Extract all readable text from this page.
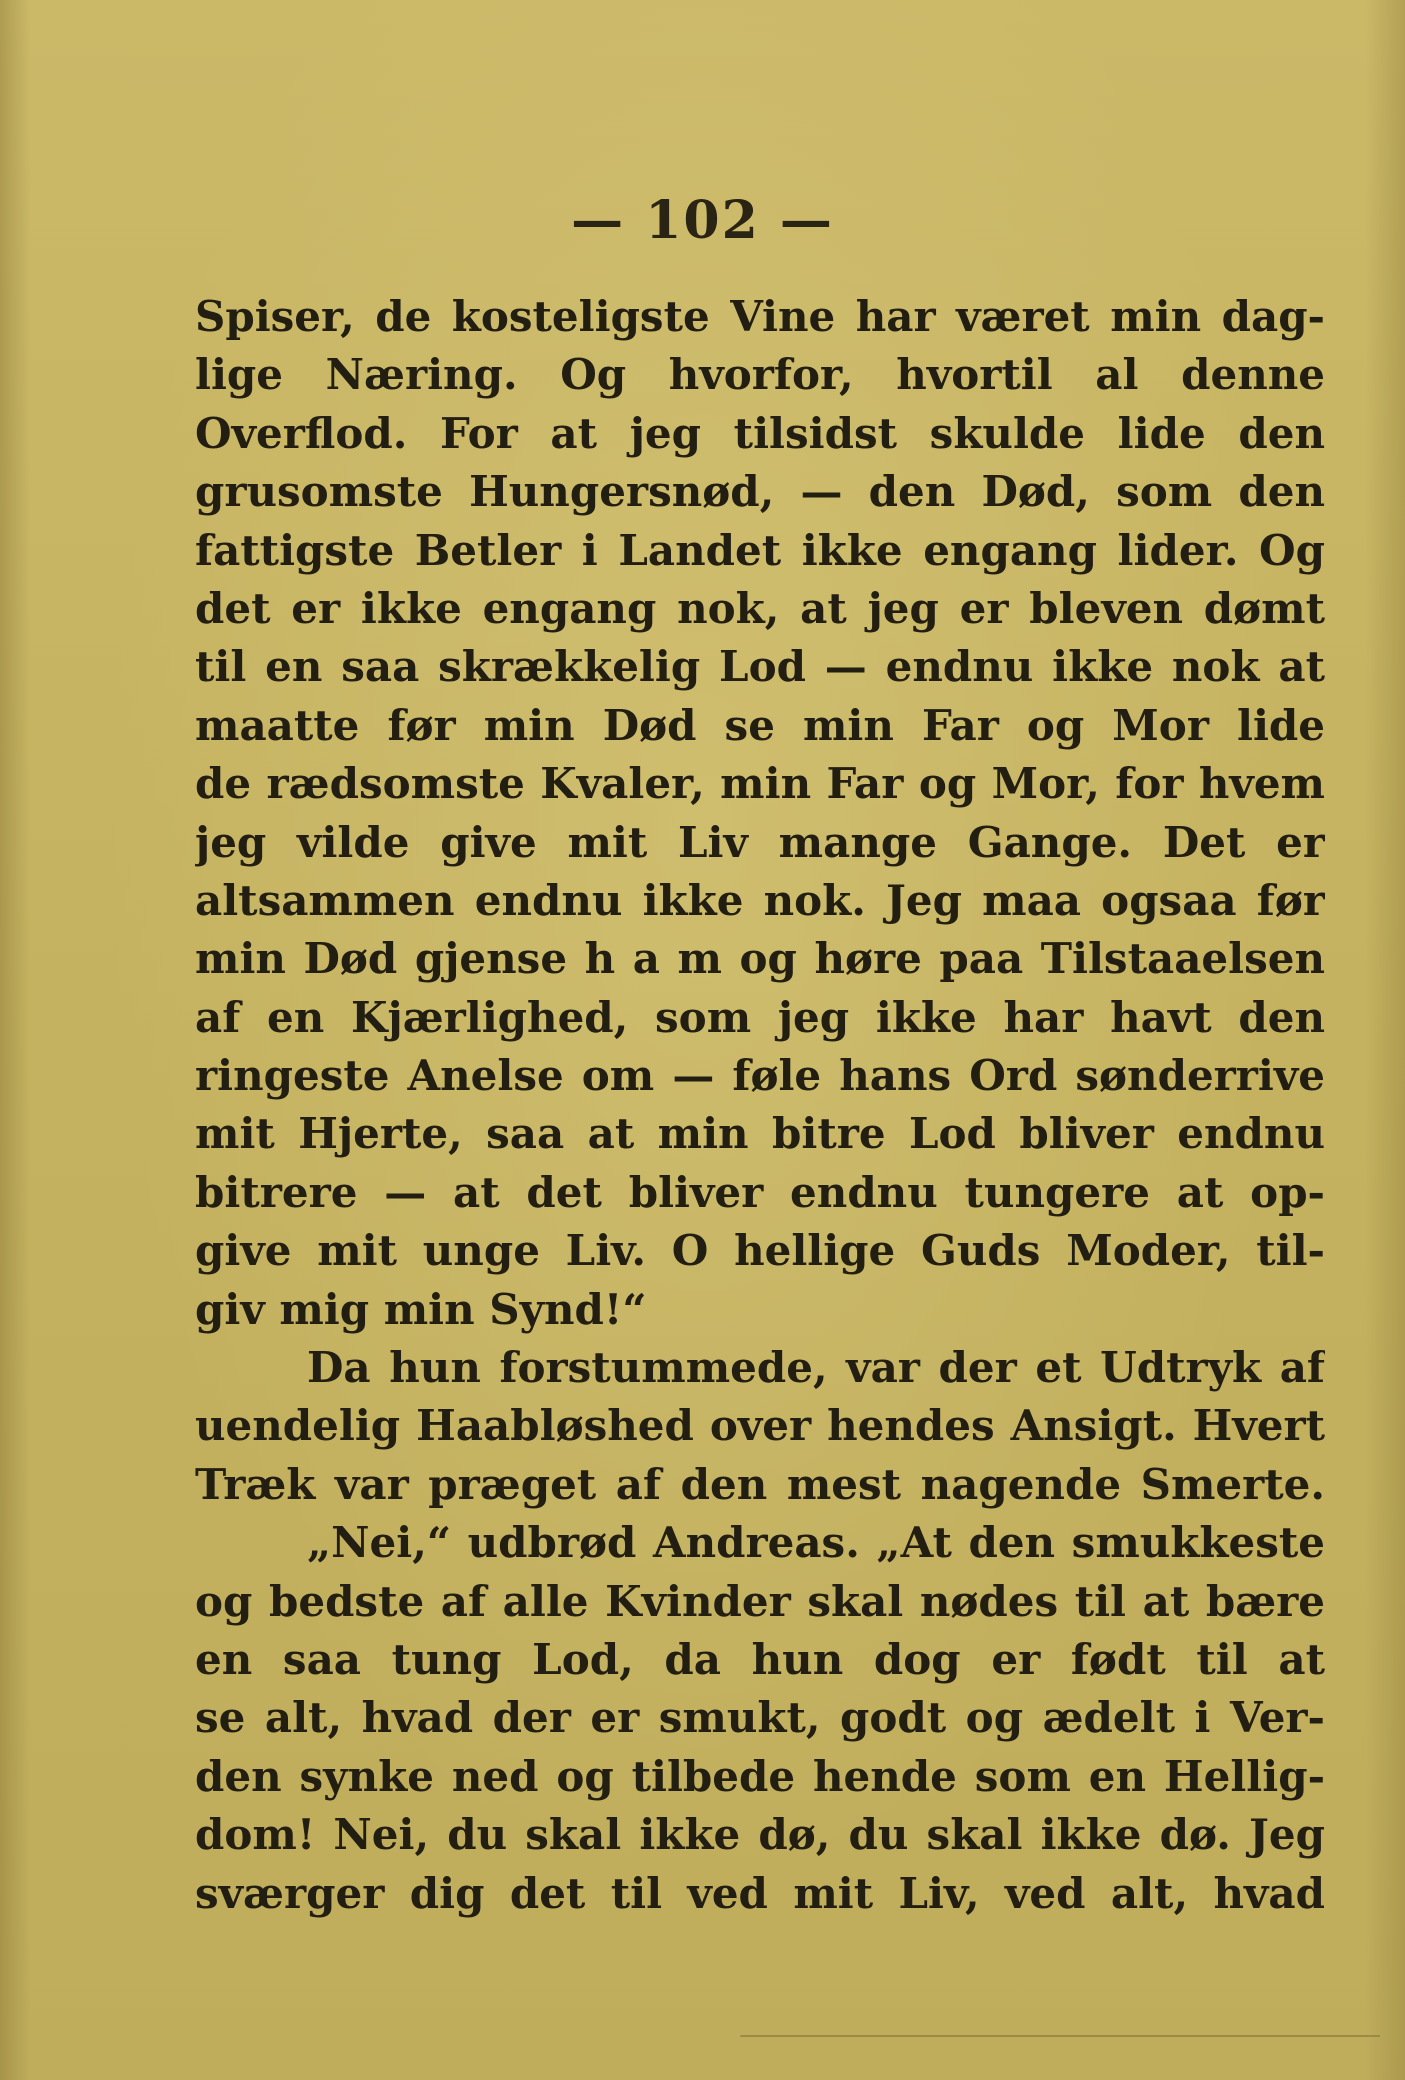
— 102 —
Spiser, de kosteligste Vine har været min dag-
lige Næring. Og hvorfor, hvortil al denne
Overflod. For at jeg tilsidst skulde lide den
grusomste Hungersnød, — den Død, som den
fattigste Betler i Landet ikke engang lider. Og
det er ikke engang nok, at jeg er bleven dømt
til en saa skrækkelig Lod — endnu ikke nok at
maatte før min Død se min Far og Mor lide
de rædsomste Kvaler, min Far og Mor, for hvem
jeg vilde give mit Liv mange Gange. Det er
altsammen endnu ikke nok. Jeg maa ogsaa før
min Død gjense h a m og høre paa Tilstaaelsen
af en Kjærlighed, som jeg ikke har havt den
ringeste Anelse om — føle hans Ord sønderrive
mit Hjerte, saa at min bitre Lod bliver endnu
bitrere — at det bliver endnu tungere at op-
give mit unge Liv. O hellige Guds Moder, til-
giv mig min Synd!“
Da hun forstummede, var der et Udtryk af
uendelig Haabløshed over hendes Ansigt. Hvert
Træk var præget af den mest nagende Smerte.
„Nei,“ udbrød Andreas. „At den smukkeste
og bedste af alle Kvinder skal nødes til at bære
en saa tung Lod, da hun dog er født til at
se alt, hvad der er smukt, godt og ædelt i Ver-
den synke ned og tilbede hende som en Hellig-
dom! Nei, du skal ikke dø, du skal ikke dø. Jeg
sværger dig det til ved mit Liv, ved alt, hvad
